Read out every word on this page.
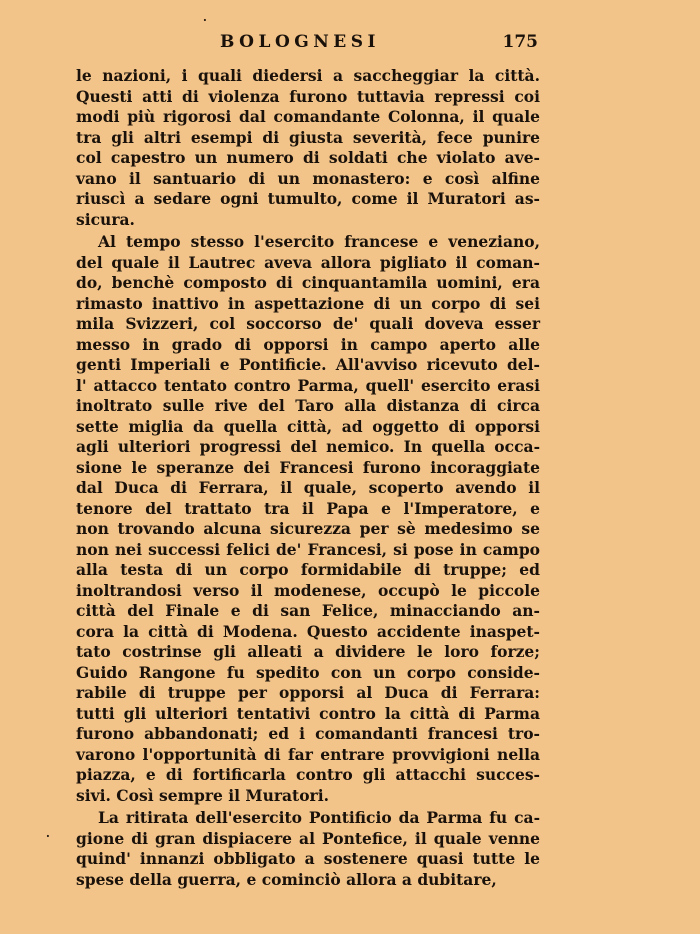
BOLOGNESI	175
le nazioni, i quali diedersi a saccheggiar la città.
Questi atti di violenza furono tuttavia repressi coi
modi più rigorosi dal comandante Colonna, il quale
tra gli altri esempi di giusta severità, fece punire
col capestro un numero di soldati che violato ave-
vano il santuario di un monastero: e così alfine
riuscì a sedare ogni tumulto, come il Muratori as-
sicura.
Al tempo stesso l'esercito francese e veneziano,
del quale il Lautrec aveva allora pigliato il coman-
do, benchè composto di cinquantamila uomini, era
rimasto inattivo in aspettazione di un corpo di sei
mila Svizzeri, col soccorso de' quali doveva esser
messo in grado di opporsi in campo aperto alle
genti Imperiali e Pontificie. All'avviso ricevuto del-
l' attacco tentato contro Parma, quell' esercito erasi
inoltrato sulle rive del Taro alla distanza di circa
sette miglia da quella città, ad oggetto di opporsi
agli ulteriori progressi del nemico. In quella occa-
sione le speranze dei Francesi furono incoraggiate
dal Duca di Ferrara, il quale, scoperto avendo il
tenore del trattato tra il Papa e l'Imperatore, e
non trovando alcuna sicurezza per sè medesimo se
non nei successi felici de' Francesi, si pose in campo
alla testa di un corpo formidabile di truppe; ed
inoltrandosi verso il modenese, occupò le piccole
città del Finale e di san Felice, minacciando an-
cora la città di Modena. Questo accidente inaspet-
tato costrinse gli alleati a dividere le loro forze;
Guido Rangone fu spedito con un corpo conside-
rabile di truppe per opporsi al Duca di Ferrara:
tutti gli ulteriori tentativi contro la città di Parma
furono abbandonati; ed i comandanti francesi tro-
varono l'opportunità di far entrare provvigioni nella
piazza, e di fortificarla contro gli attacchi succes-
sivi. Così sempre il Muratori.
La ritirata dell'esercito Pontificio da Parma fu ca-
gione di gran dispiacere al Pontefice, il quale venne
quind' innanzi obbligato a sostenere quasi tutte le
spese della guerra, e cominciò allora a dubitare,
·
·
